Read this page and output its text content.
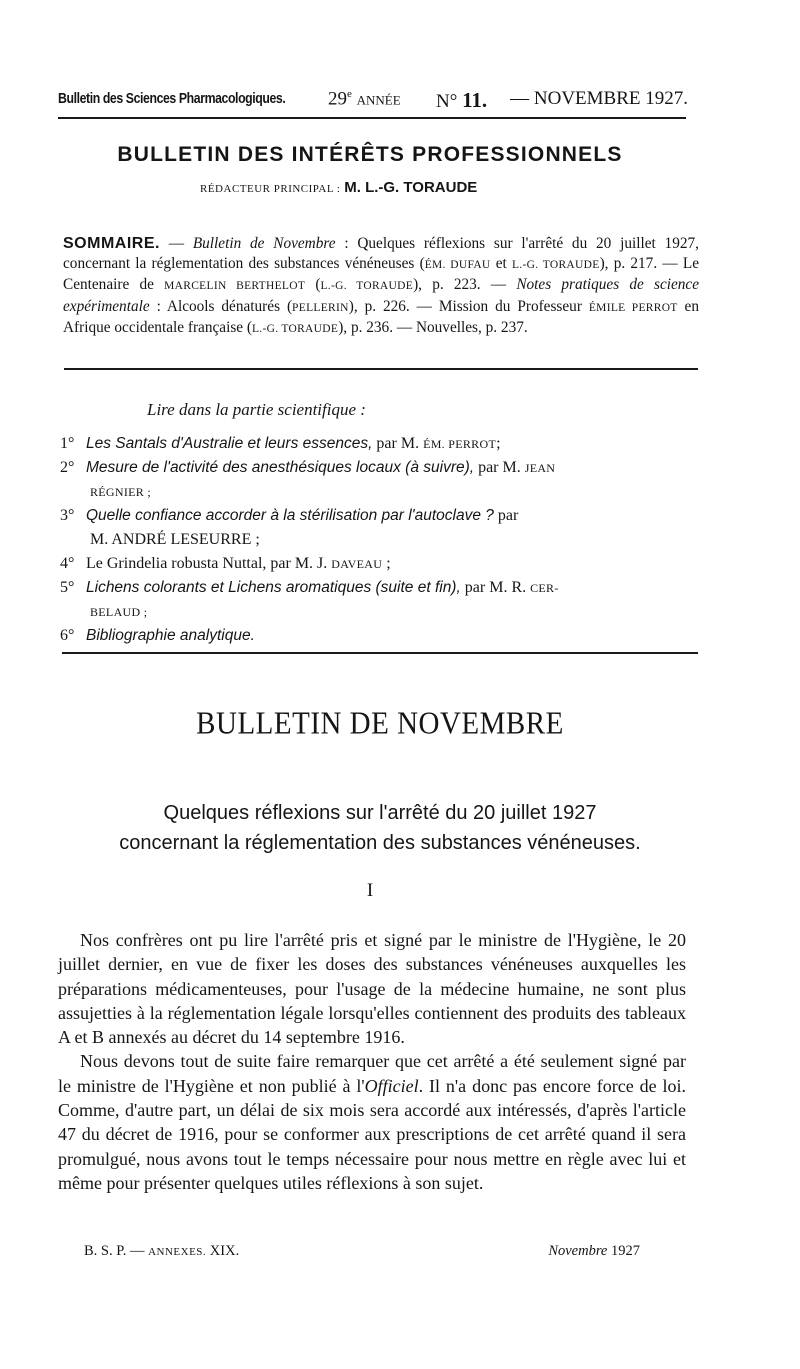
Bulletin des Sciences Pharmacologiques. 29e ANNÉE N° 11. — NOVEMBRE 1927.
BULLETIN DES INTÉRÊTS PROFESSIONNELS
RÉDACTEUR PRINCIPAL : M. L.-G. TORAUDE
SOMMAIRE. — Bulletin de Novembre : Quelques réflexions sur l'arrêté du 20 juillet 1927, concernant la réglementation des substances vénéneuses (ÉM. DUFAU et L.-G. TORAUDE), p. 217. — Le Centenaire de MARCELIN BERTHELOT (L.-G. TORAUDE), p. 223. — Notes pratiques de science expérimentale : Alcools dénaturés (PELLERIN), p. 226. — Mission du Professeur ÉMILE PERROT en Afrique occidentale française (L.-G. TORAUDE), p. 236. — Nouvelles, p. 237.
Lire dans la partie scientifique :
1° Les Santals d'Australie et leurs essences, par M. ÉM. PERROT;
2° Mesure de l'activité des anesthésiques locaux (à suivre), par M. JEAN
RÉGNIER ;
3° Quelle confiance accorder à la stérilisation par l'autoclave ? par
M. ANDRÉ LESEURRE ;
4° Le Grindelia robusta Nuttal, par M. J. DAVEAU ;
5° Lichens colorants et Lichens aromatiques (suite et fin), par M. R. CER-
BELAUD ;
6° Bibliographie analytique.
BULLETIN DE NOVEMBRE
Quelques réflexions sur l'arrêté du 20 juillet 1927
concernant la réglementation des substances vénéneuses.
I

Nos confrères ont pu lire l'arrêté pris et signé par le ministre de l'Hygiène, le 20 juillet dernier, en vue de fixer les doses des substances vénéneuses auxquelles les préparations médicamenteuses, pour l'usage de la médecine humaine, ne sont plus assujetties à la réglementation légale lorsqu'elles contiennent des produits des tableaux A et B annexés au décret du 14 septembre 1916.

Nous devons tout de suite faire remarquer que cet arrêté a été seulement signé par le ministre de l'Hygiène et non publié à l'Officiel. Il n'a donc pas encore force de loi. Comme, d'autre part, un délai de six mois sera accordé aux intéressés, d'après l'article 47 du décret de 1916, pour se conformer aux prescriptions de cet arrêté quand il sera promulgué, nous avons tout le temps nécessaire pour nous mettre en règle avec lui et même pour présenter quelques utiles réflexions à son sujet.

B. S. P. — ANNEXES. XIX.	Novembre 1927
